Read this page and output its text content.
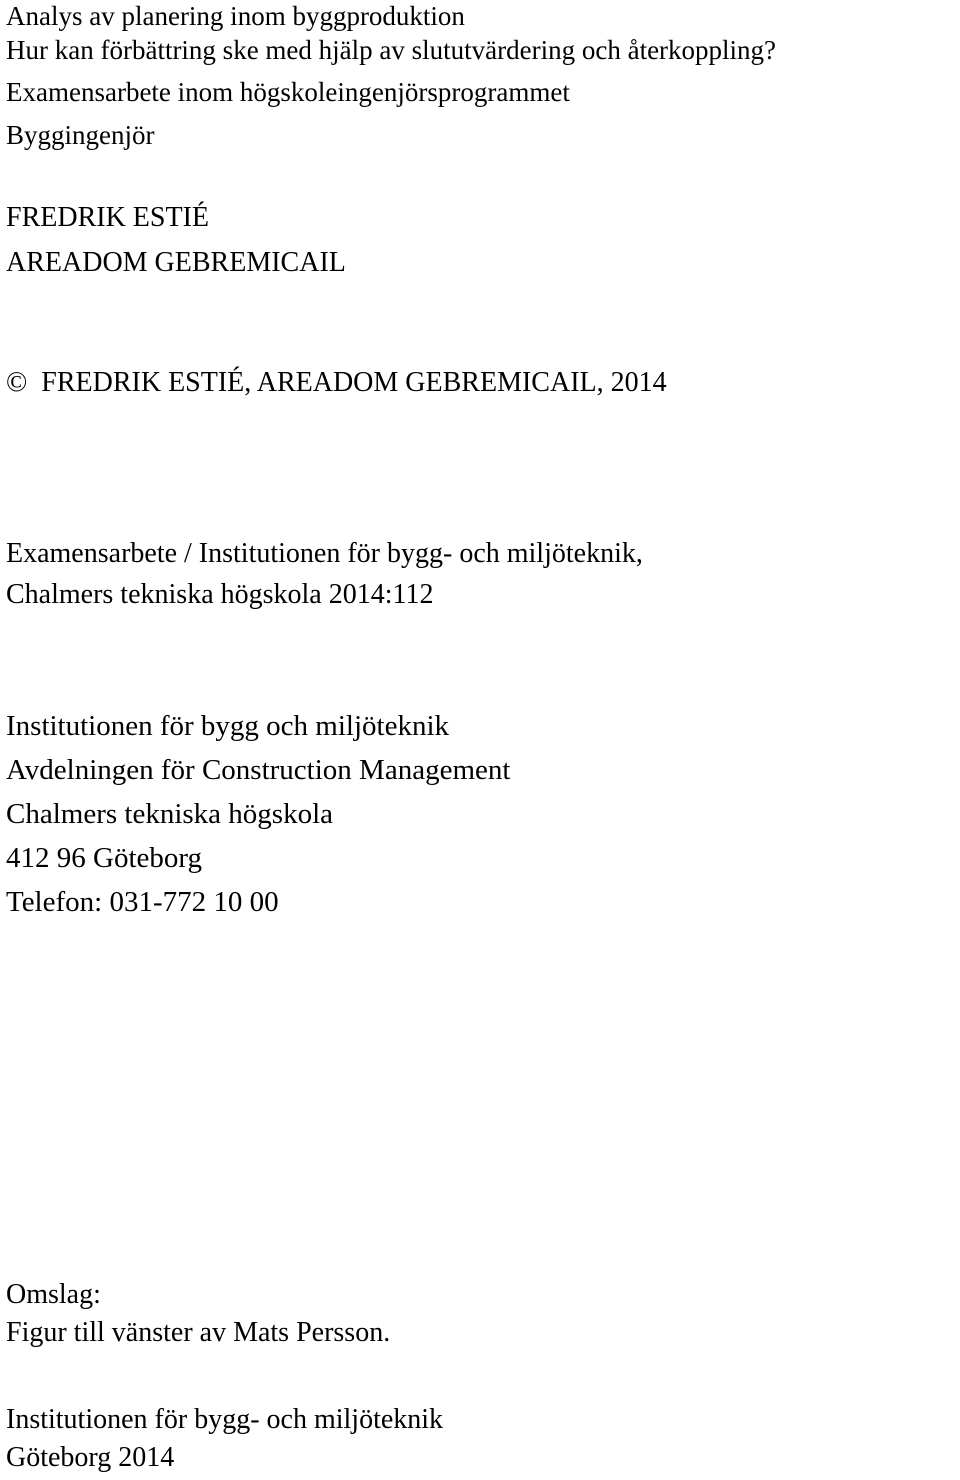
Analys av planering inom byggproduktion
Hur kan förbättring ske med hjälp av slututvärdering och återkoppling?
Examensarbete inom högskoleingenjörsprogrammet
Byggingenjör
FREDRIK ESTIÉ
AREADOM GEBREMICAIL
© FREDRIK ESTIÉ, AREADOM GEBREMICAIL, 2014
Examensarbete / Institutionen för bygg- och miljöteknik,
Chalmers tekniska högskola 2014:112
Institutionen för bygg och miljöteknik
Avdelningen för Construction Management
Chalmers tekniska högskola
412 96 Göteborg
Telefon: 031-772 10 00
Omslag:
Figur till vänster av Mats Persson.
Institutionen för bygg- och miljöteknik
Göteborg 2014
